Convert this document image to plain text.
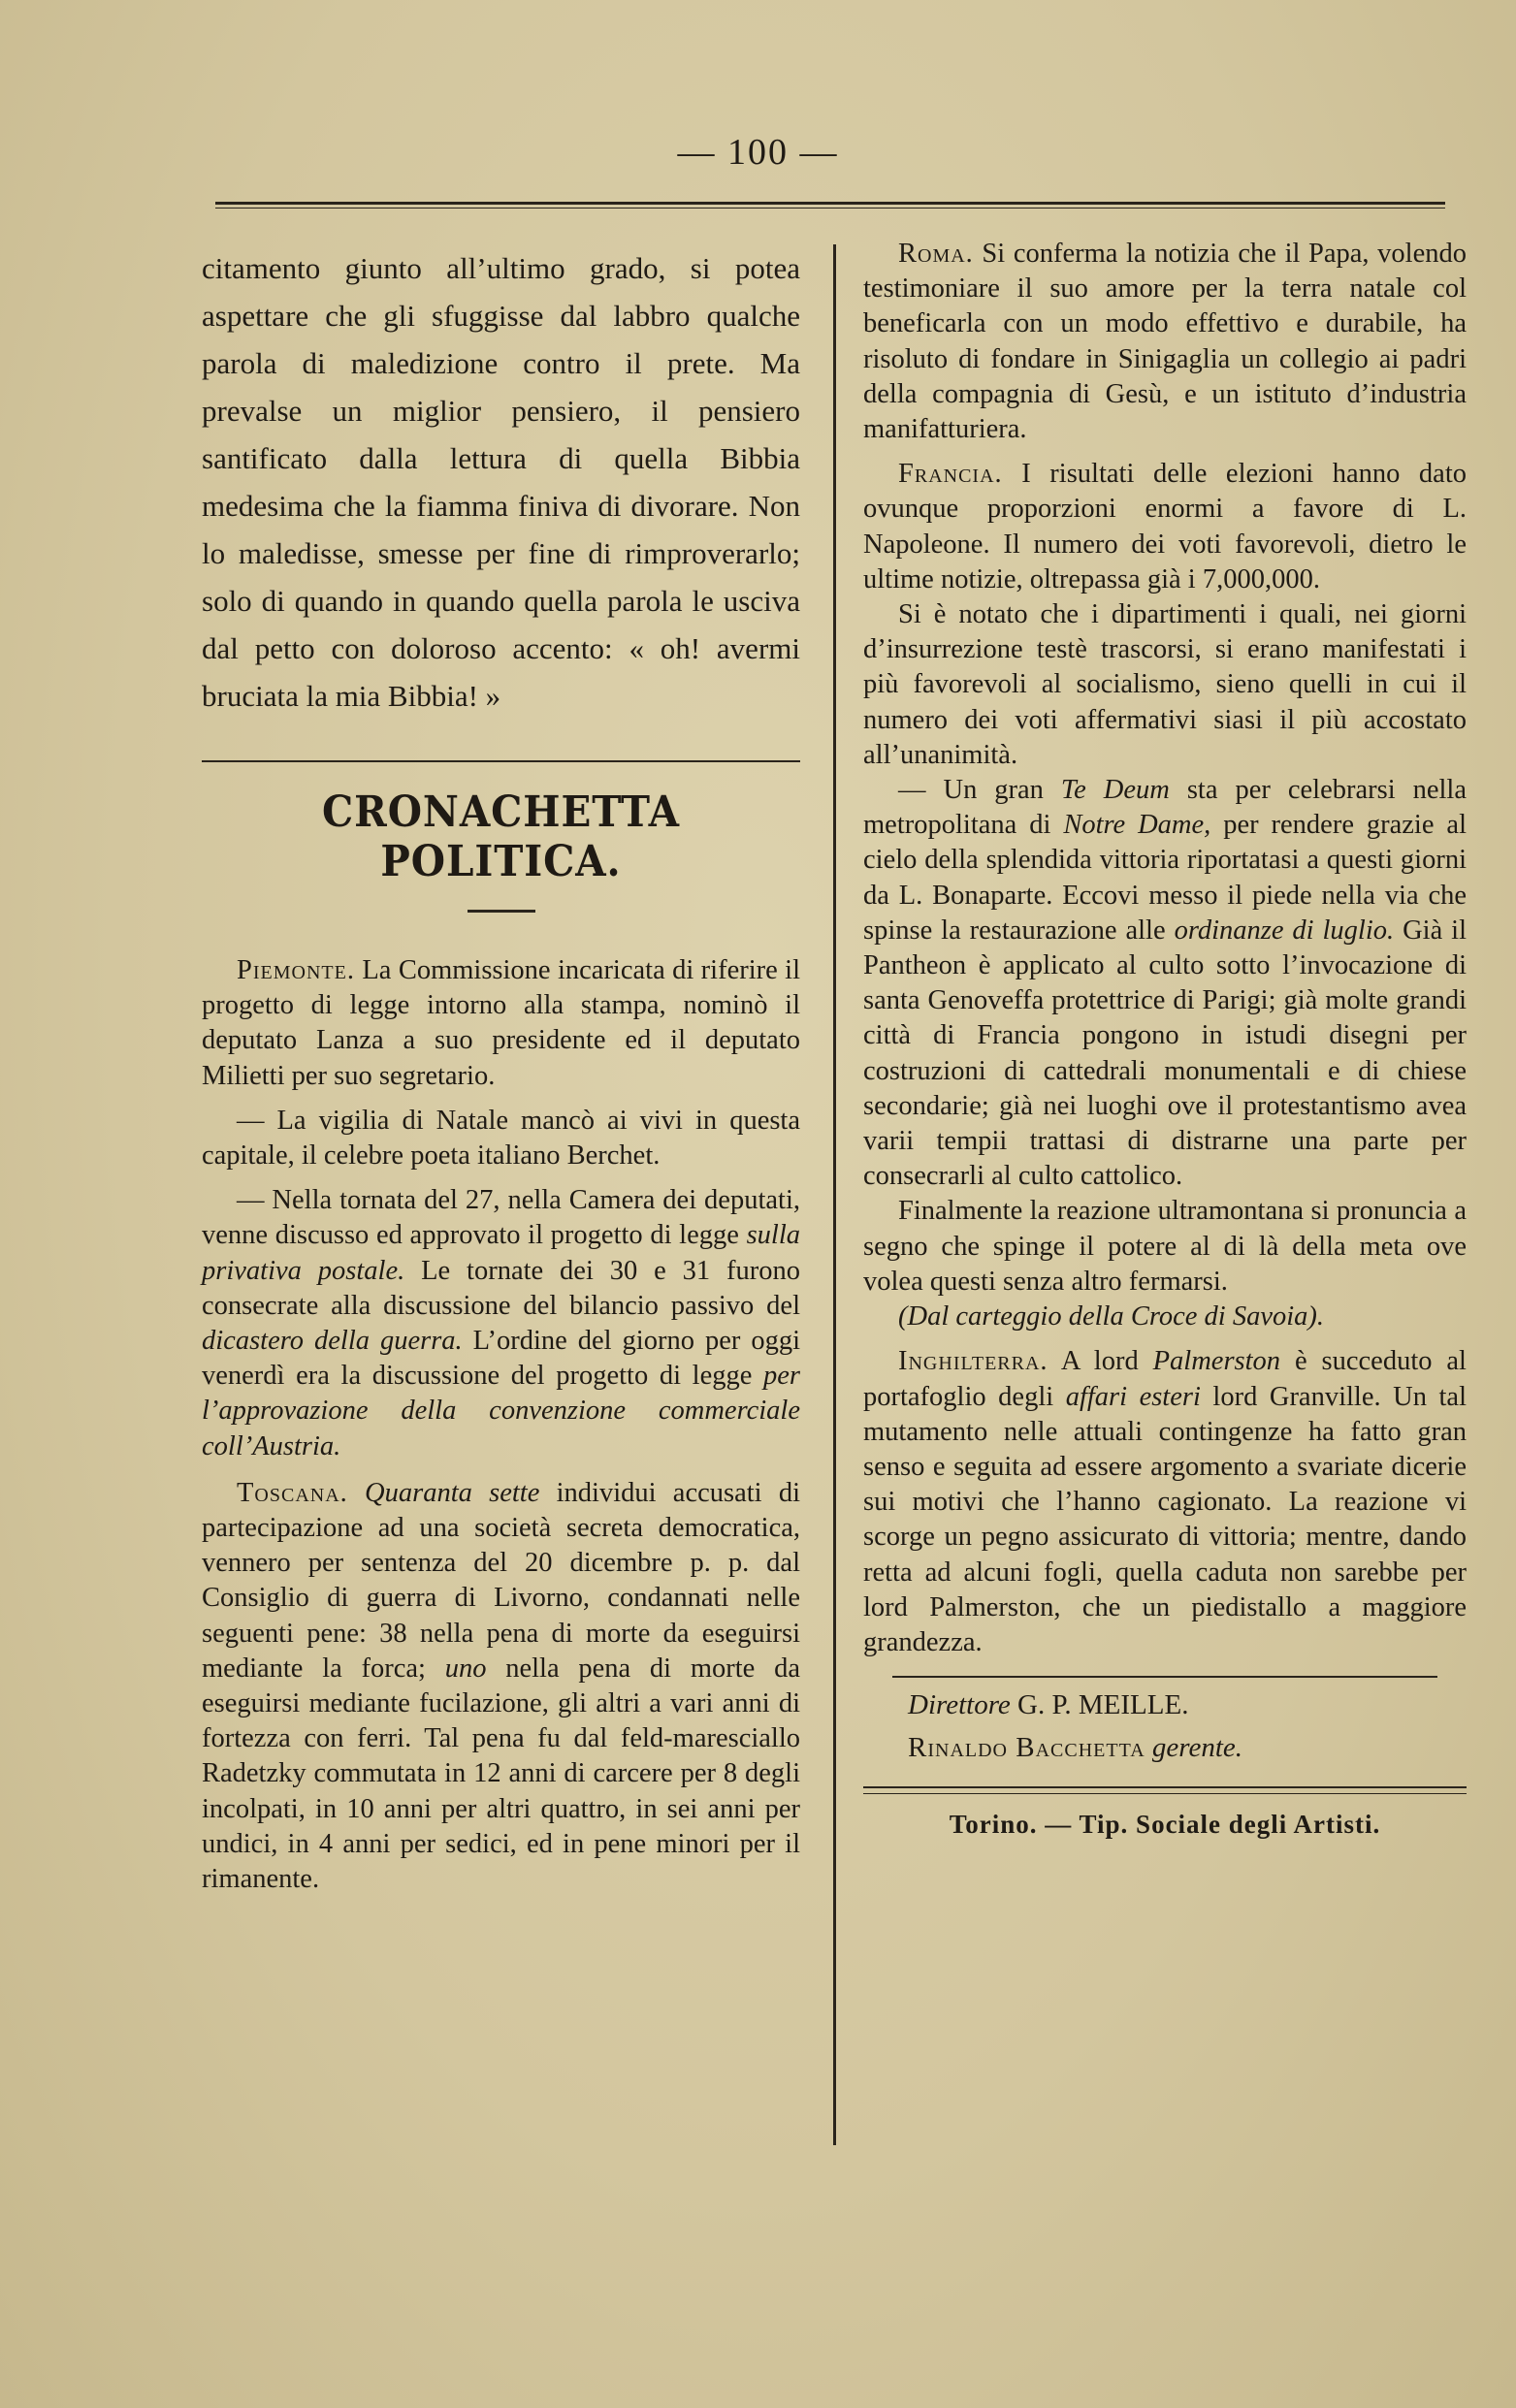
— 100 —

citamento giunto all’ultimo grado, si potea aspettare che gli sfuggisse dal labbro qualche parola di maledizione contro il prete. Ma prevalse un miglior pensiero, il pensiero santificato dalla lettura di quella Bibbia medesima che la fiamma finiva di divorare. Non lo maledisse, smesse per fine di rimproverarlo; solo di quando in quando quella parola le usciva dal petto con doloroso accento: « oh! avermi bruciata la mia Bibbia! »

CRONACHETTA POLITICA.

Piemonte. La Commissione incaricata di riferire il progetto di legge intorno alla stampa, nominò il deputato Lanza a suo presidente ed il deputato Milietti per suo segretario.

— La vigilia di Natale mancò ai vivi in questa capitale, il celebre poeta italiano Berchet.

— Nella tornata del 27, nella Camera dei deputati, venne discusso ed approvato il progetto di legge sulla privativa postale. Le tornate dei 30 e 31 furono consecrate alla discussione del bilancio passivo del dicastero della guerra. L’ordine del giorno per oggi venerdì era la discussione del progetto di legge per l’approvazione della convenzione commerciale coll’Austria.

Toscana. Quaranta sette individui accusati di partecipazione ad una società secreta democratica, vennero per sentenza del 20 dicembre p. p. dal Consiglio di guerra di Livorno, condannati nelle seguenti pene: 38 nella pena di morte da eseguirsi mediante la forca; uno nella pena di morte da eseguirsi mediante fucilazione, gli altri a vari anni di fortezza con ferri. Tal pena fu dal feld-maresciallo Radetzky commutata in 12 anni di carcere per 8 degli incolpati, in 10 anni per altri quattro, in sei anni per undici, in 4 anni per sedici, ed in pene minori per il rimanente.

Roma. Si conferma la notizia che il Papa, volendo testimoniare il suo amore per la terra natale col beneficarla con un modo effettivo e durabile, ha risoluto di fondare in Sinigaglia un collegio ai padri della compagnia di Gesù, e un istituto d’industria manifatturiera.

Francia. I risultati delle elezioni hanno dato ovunque proporzioni enormi a favore di L. Napoleone. Il numero dei voti favorevoli, dietro le ultime notizie, oltrepassa già i 7,000,000.

Si è notato che i dipartimenti i quali, nei giorni d’insurrezione testè trascorsi, si erano manifestati i più favorevoli al socialismo, sieno quelli in cui il numero dei voti affermativi siasi il più accostato all’unanimità.

— Un gran Te Deum sta per celebrarsi nella metropolitana di Notre Dame, per rendere grazie al cielo della splendida vittoria riportatasi a questi giorni da L. Bonaparte. Eccovi messo il piede nella via che spinse la restaurazione alle ordinanze di luglio. Già il Pantheon è applicato al culto sotto l’invocazione di santa Genoveffa protettrice di Parigi; già molte grandi città di Francia pongono in istudi disegni per costruzioni di cattedrali monumentali e di chiese secondarie; già nei luoghi ove il protestantismo avea varii tempii trattasi di distrarne una parte per consecrarli al culto cattolico.

Finalmente la reazione ultramontana si pronuncia a segno che spinge il potere al di là della meta ove volea questi senza altro fermarsi.

(Dal carteggio della Croce di Savoia).

Inghilterra. A lord Palmerston è succeduto al portafoglio degli affari esteri lord Granville. Un tal mutamento nelle attuali contingenze ha fatto gran senso e seguita ad essere argomento a svariate dicerie sui motivi che l’hanno cagionato. La reazione vi scorge un pegno assicurato di vittoria; mentre, dando retta ad alcuni fogli, quella caduta non sarebbe per lord Palmerston, che un piedistallo a maggiore grandezza.

Direttore G. P. MEILLE.
Rinaldo Bacchetta gerente.
Torino. — Tip. Sociale degli Artisti.
